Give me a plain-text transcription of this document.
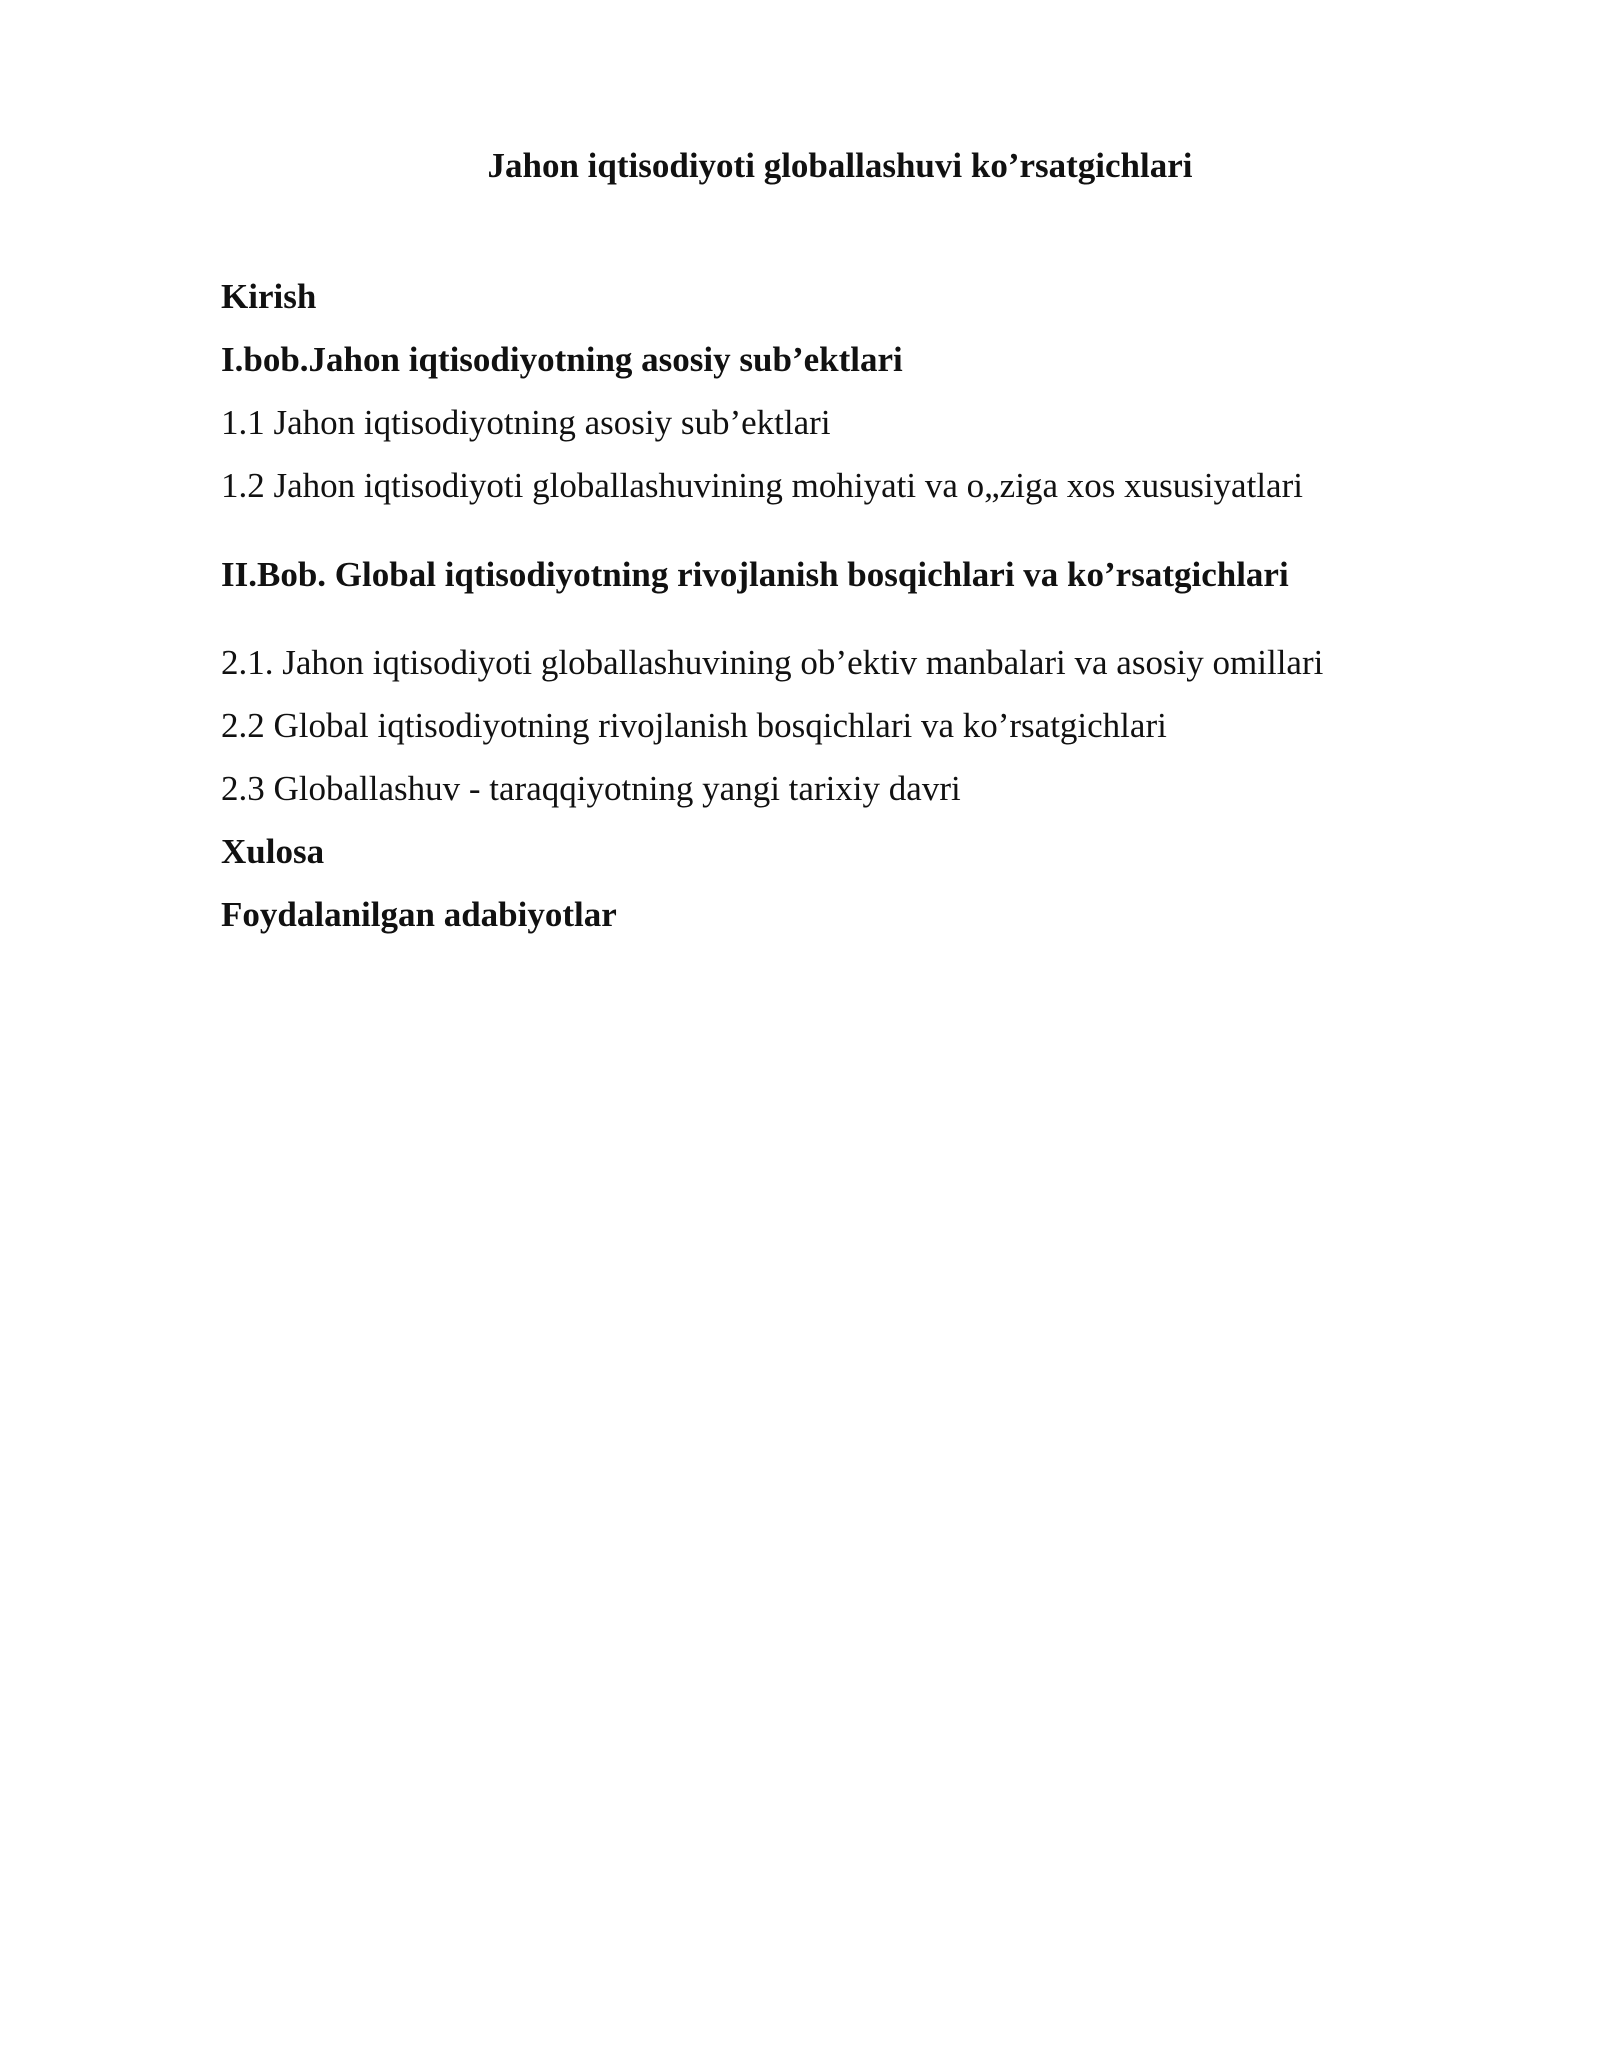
Jahon iqtisodiyoti globallashuvi ko’rsatgichlari
Kirish
I.bob.Jahon iqtisodiyotning asosiy sub’ektlari
1.1 Jahon iqtisodiyotning asosiy sub’ektlari
1.2 Jahon iqtisodiyoti globallashuvining mohiyati va o„ziga xos xususiyatlari
II.Bob. Global iqtisodiyotning rivojlanish bosqichlari va ko’rsatgichlari
2.1. Jahon iqtisodiyoti globallashuvining ob’ektiv manbalari va asosiy omillari
2.2 Global iqtisodiyotning rivojlanish bosqichlari va ko’rsatgichlari
2.3 Globallashuv - taraqqiyotning yangi tarixiy davri
Xulosa
Foydalanilgan adabiyotlar
